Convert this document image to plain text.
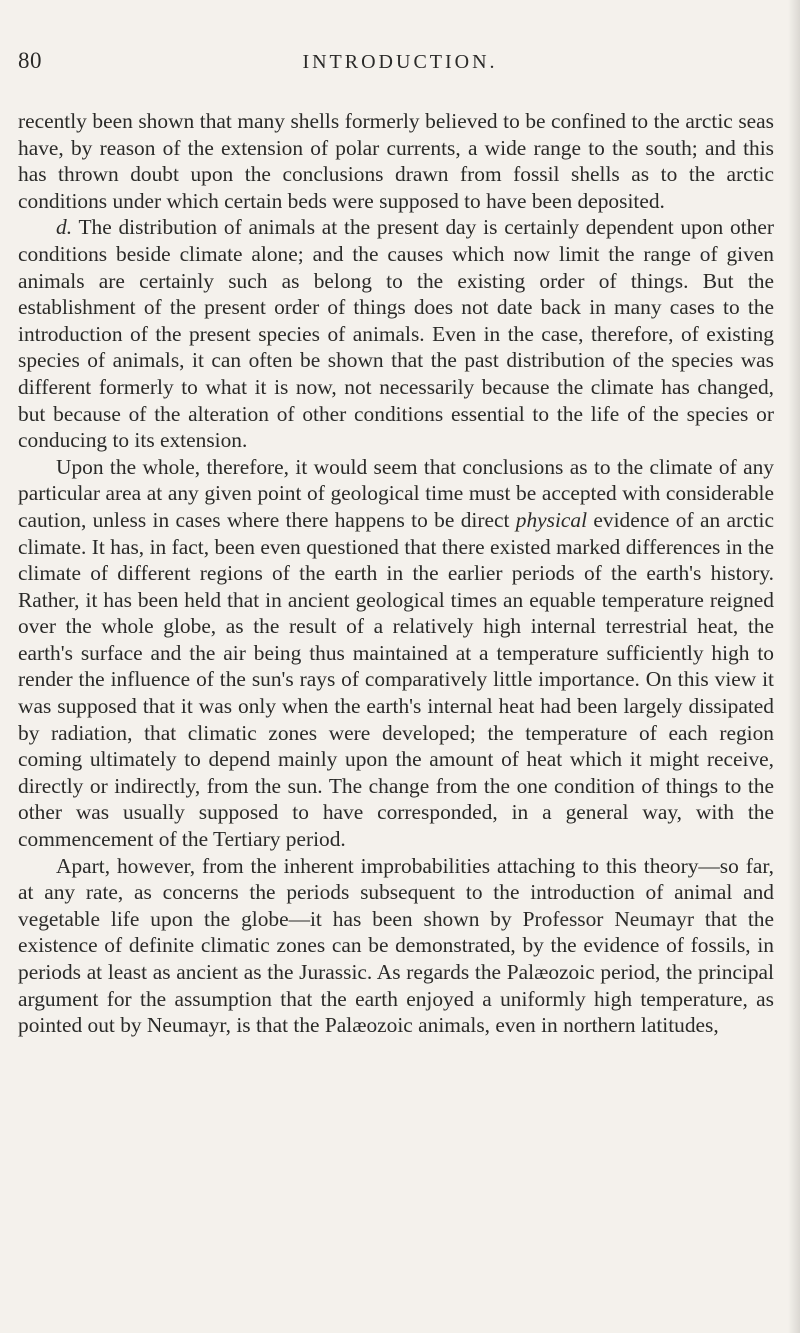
80	INTRODUCTION.

recently been shown that many shells formerly believed to be confined to the arctic seas have, by reason of the extension of polar currents, a wide range to the south; and this has thrown doubt upon the conclusions drawn from fossil shells as to the arctic conditions under which certain beds were supposed to have been deposited.

d. The distribution of animals at the present day is certainly dependent upon other conditions beside climate alone; and the causes which now limit the range of given animals are certainly such as belong to the existing order of things. But the establishment of the present order of things does not date back in many cases to the introduction of the present species of animals. Even in the case, therefore, of existing species of animals, it can often be shown that the past distribution of the species was different formerly to what it is now, not necessarily because the climate has changed, but because of the alteration of other conditions essential to the life of the species or conducing to its extension.

Upon the whole, therefore, it would seem that conclusions as to the climate of any particular area at any given point of geological time must be accepted with considerable caution, unless in cases where there happens to be direct physical evidence of an arctic climate. It has, in fact, been even questioned that there existed marked differences in the climate of different regions of the earth in the earlier periods of the earth's history. Rather, it has been held that in ancient geological times an equable temperature reigned over the whole globe, as the result of a relatively high internal terrestrial heat, the earth's surface and the air being thus maintained at a temperature sufficiently high to render the influence of the sun's rays of comparatively little importance. On this view it was supposed that it was only when the earth's internal heat had been largely dissipated by radiation, that climatic zones were developed; the temperature of each region coming ultimately to depend mainly upon the amount of heat which it might receive, directly or indirectly, from the sun. The change from the one condition of things to the other was usually supposed to have corresponded, in a general way, with the commencement of the Tertiary period.

Apart, however, from the inherent improbabilities attaching to this theory—so far, at any rate, as concerns the periods subsequent to the introduction of animal and vegetable life upon the globe—it has been shown by Professor Neumayr that the existence of definite climatic zones can be demonstrated, by the evidence of fossils, in periods at least as ancient as the Jurassic. As regards the Palæozoic period, the principal argument for the assumption that the earth enjoyed a uniformly high temperature, as pointed out by Neumayr, is that the Palæozoic animals, even in northern latitudes,
